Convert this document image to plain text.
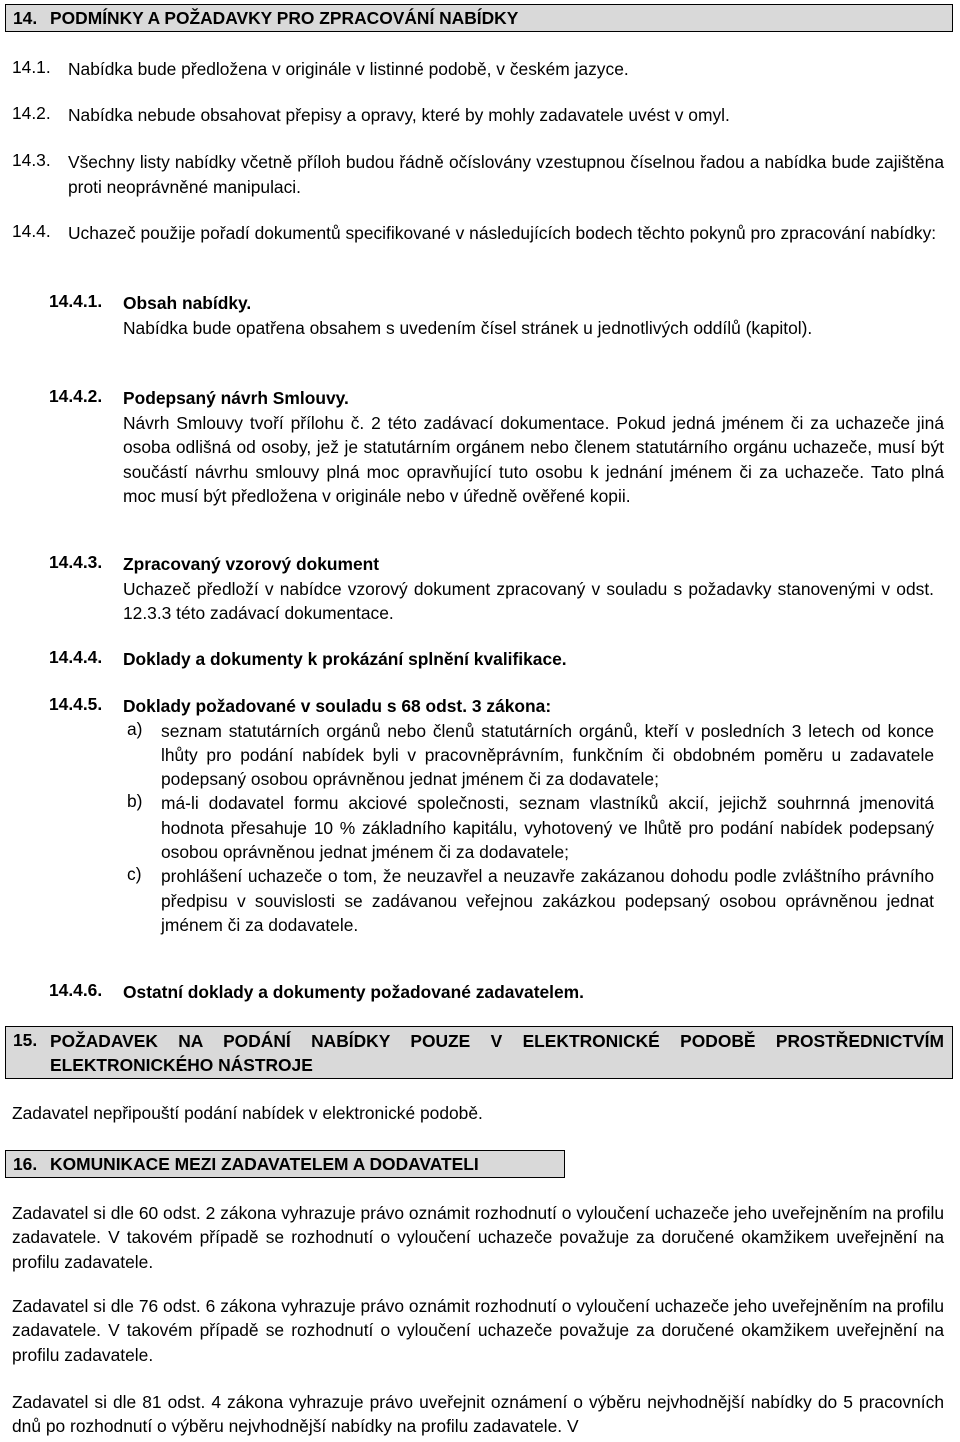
14. PODMÍNKY A POŽADAVKY PRO ZPRACOVÁNÍ NABÍDKY
14.1. Nabídka bude předložena v originále v listinné podobě, v českém jazyce.
14.2. Nabídka nebude obsahovat přepisy a opravy, které by mohly zadavatele uvést v omyl.
14.3. Všechny listy nabídky včetně příloh budou řádně očíslovány vzestupnou číselnou řadou a nabídka bude zajištěna proti neoprávněné manipulaci.
14.4. Uchazeč použije pořadí dokumentů specifikované v následujících bodech těchto pokynů pro zpracování nabídky:
14.4.1.	Obsah nabídky.
Nabídka bude opatřena obsahem s uvedením čísel stránek u jednotlivých oddílů (kapitol).
14.4.2.	Podepsaný návrh Smlouvy.
Návrh Smlouvy tvoří přílohu č. 2 této zadávací dokumentace. Pokud jedná jménem či za uchazeče jiná osoba odlišná od osoby, jež je statutárním orgánem nebo členem statutárního orgánu uchazeče, musí být součástí návrhu smlouvy plná moc opravňující tuto osobu k jednání jménem či za uchazeče. Tato plná moc musí být předložena v originále nebo v úředně ověřené kopii.
14.4.3.	Zpracovaný vzorový dokument
Uchazeč předloží v nabídce vzorový dokument zpracovaný v souladu s požadavky stanovenými v odst. 12.3.3 této zadávací dokumentace.
14.4.4.	Doklady a dokumenty k prokázání splnění kvalifikace.
14.4.5.	Doklady požadované v souladu s 68 odst. 3 zákona:
a)	seznam statutárních orgánů nebo členů statutárních orgánů, kteří v posledních 3 letech od konce lhůty pro podání nabídek byli v pracovněprávním, funkčním či obdobném poměru u zadavatele podepsaný osobou oprávněnou jednat jménem či za dodavatele;
b)	má-li dodavatel formu akciové společnosti, seznam vlastníků akcií, jejichž souhrnná jmenovitá hodnota přesahuje 10 % základního kapitálu, vyhotovený ve lhůtě pro podání nabídek podepsaný osobou oprávněnou jednat jménem či za dodavatele;
c)	prohlášení uchazeče o tom, že neuzavřel a neuzavře zakázanou dohodu podle zvláštního právního předpisu v souvislosti se zadávanou veřejnou zakázkou podepsaný osobou oprávněnou jednat jménem či za dodavatele.
14.4.6.	Ostatní doklady a dokumenty požadované zadavatelem.
15. POŽADAVEK NA PODÁNÍ NABÍDKY POUZE V ELEKTRONICKÉ PODOBĚ PROSTŘEDNICTVÍM ELEKTRONICKÉHO NÁSTROJE
Zadavatel nepřipouští podání nabídek v elektronické podobě.
16. KOMUNIKACE MEZI ZADAVATELEM A DODAVATELI
Zadavatel si dle 60 odst. 2 zákona vyhrazuje právo oznámit rozhodnutí o vyloučení uchazeče jeho uveřejněním na profilu zadavatele. V takovém případě se rozhodnutí o vyloučení uchazeče považuje za doručené okamžikem uveřejnění na profilu zadavatele.
Zadavatel si dle 76 odst. 6 zákona vyhrazuje právo oznámit rozhodnutí o vyloučení uchazeče jeho uveřejněním na profilu zadavatele. V takovém případě se rozhodnutí o vyloučení uchazeče považuje za doručené okamžikem uveřejnění na profilu zadavatele.
Zadavatel si dle 81 odst. 4 zákona vyhrazuje právo uveřejnit oznámení o výběru nejvhodnější nabídky do 5 pracovních dnů po rozhodnutí o výběru nejvhodnější nabídky na profilu zadavatele. V
